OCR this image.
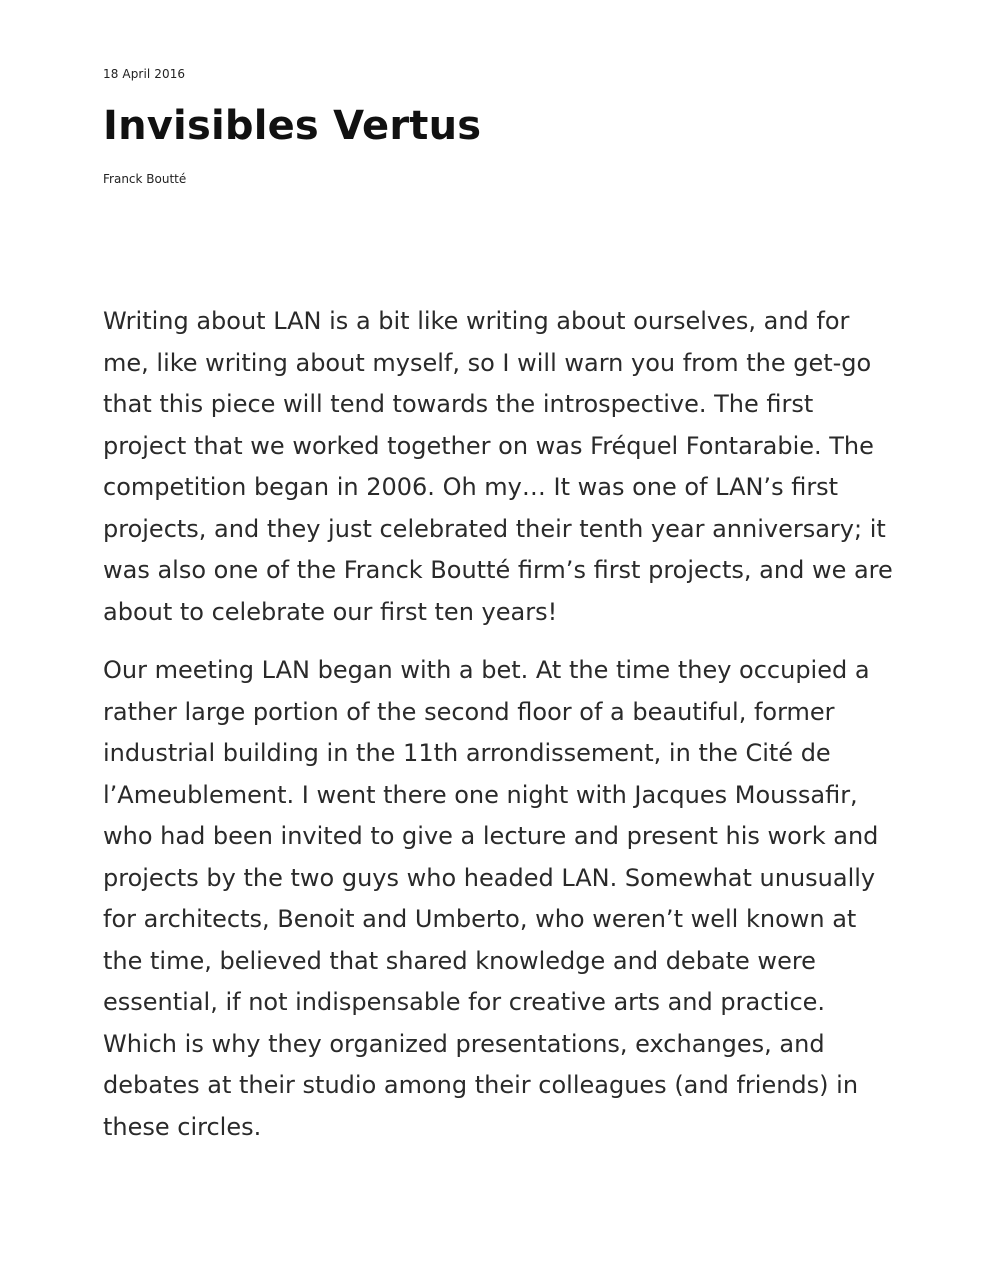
18 April 2016

Invisibles Vertus

Franck Boutté

Writing about LAN is a bit like writing about ourselves, and for me, like writing about myself, so I will warn you from the get-go that this piece will tend towards the introspective. The first project that we worked together on was Fréquel Fontarabie. The competition began in 2006. Oh my… It was one of LAN’s first projects, and they just celebrated their tenth year anniversary; it was also one of the Franck Boutté firm’s first projects, and we are about to celebrate our first ten years!

Our meeting LAN began with a bet. At the time they occupied a rather large portion of the second floor of a beautiful, former industrial building in the 11th arrondissement, in the Cité de l’Ameublement. I went there one night with Jacques Moussafir, who had been invited to give a lecture and present his work and projects by the two guys who headed LAN. Somewhat unusually for architects, Benoit and Umberto, who weren’t well known at the time, believed that shared knowledge and debate were essential, if not indispensable for creative arts and practice. Which is why they organized presentations, exchanges, and debates at their studio among their colleagues (and friends) in these circles.
